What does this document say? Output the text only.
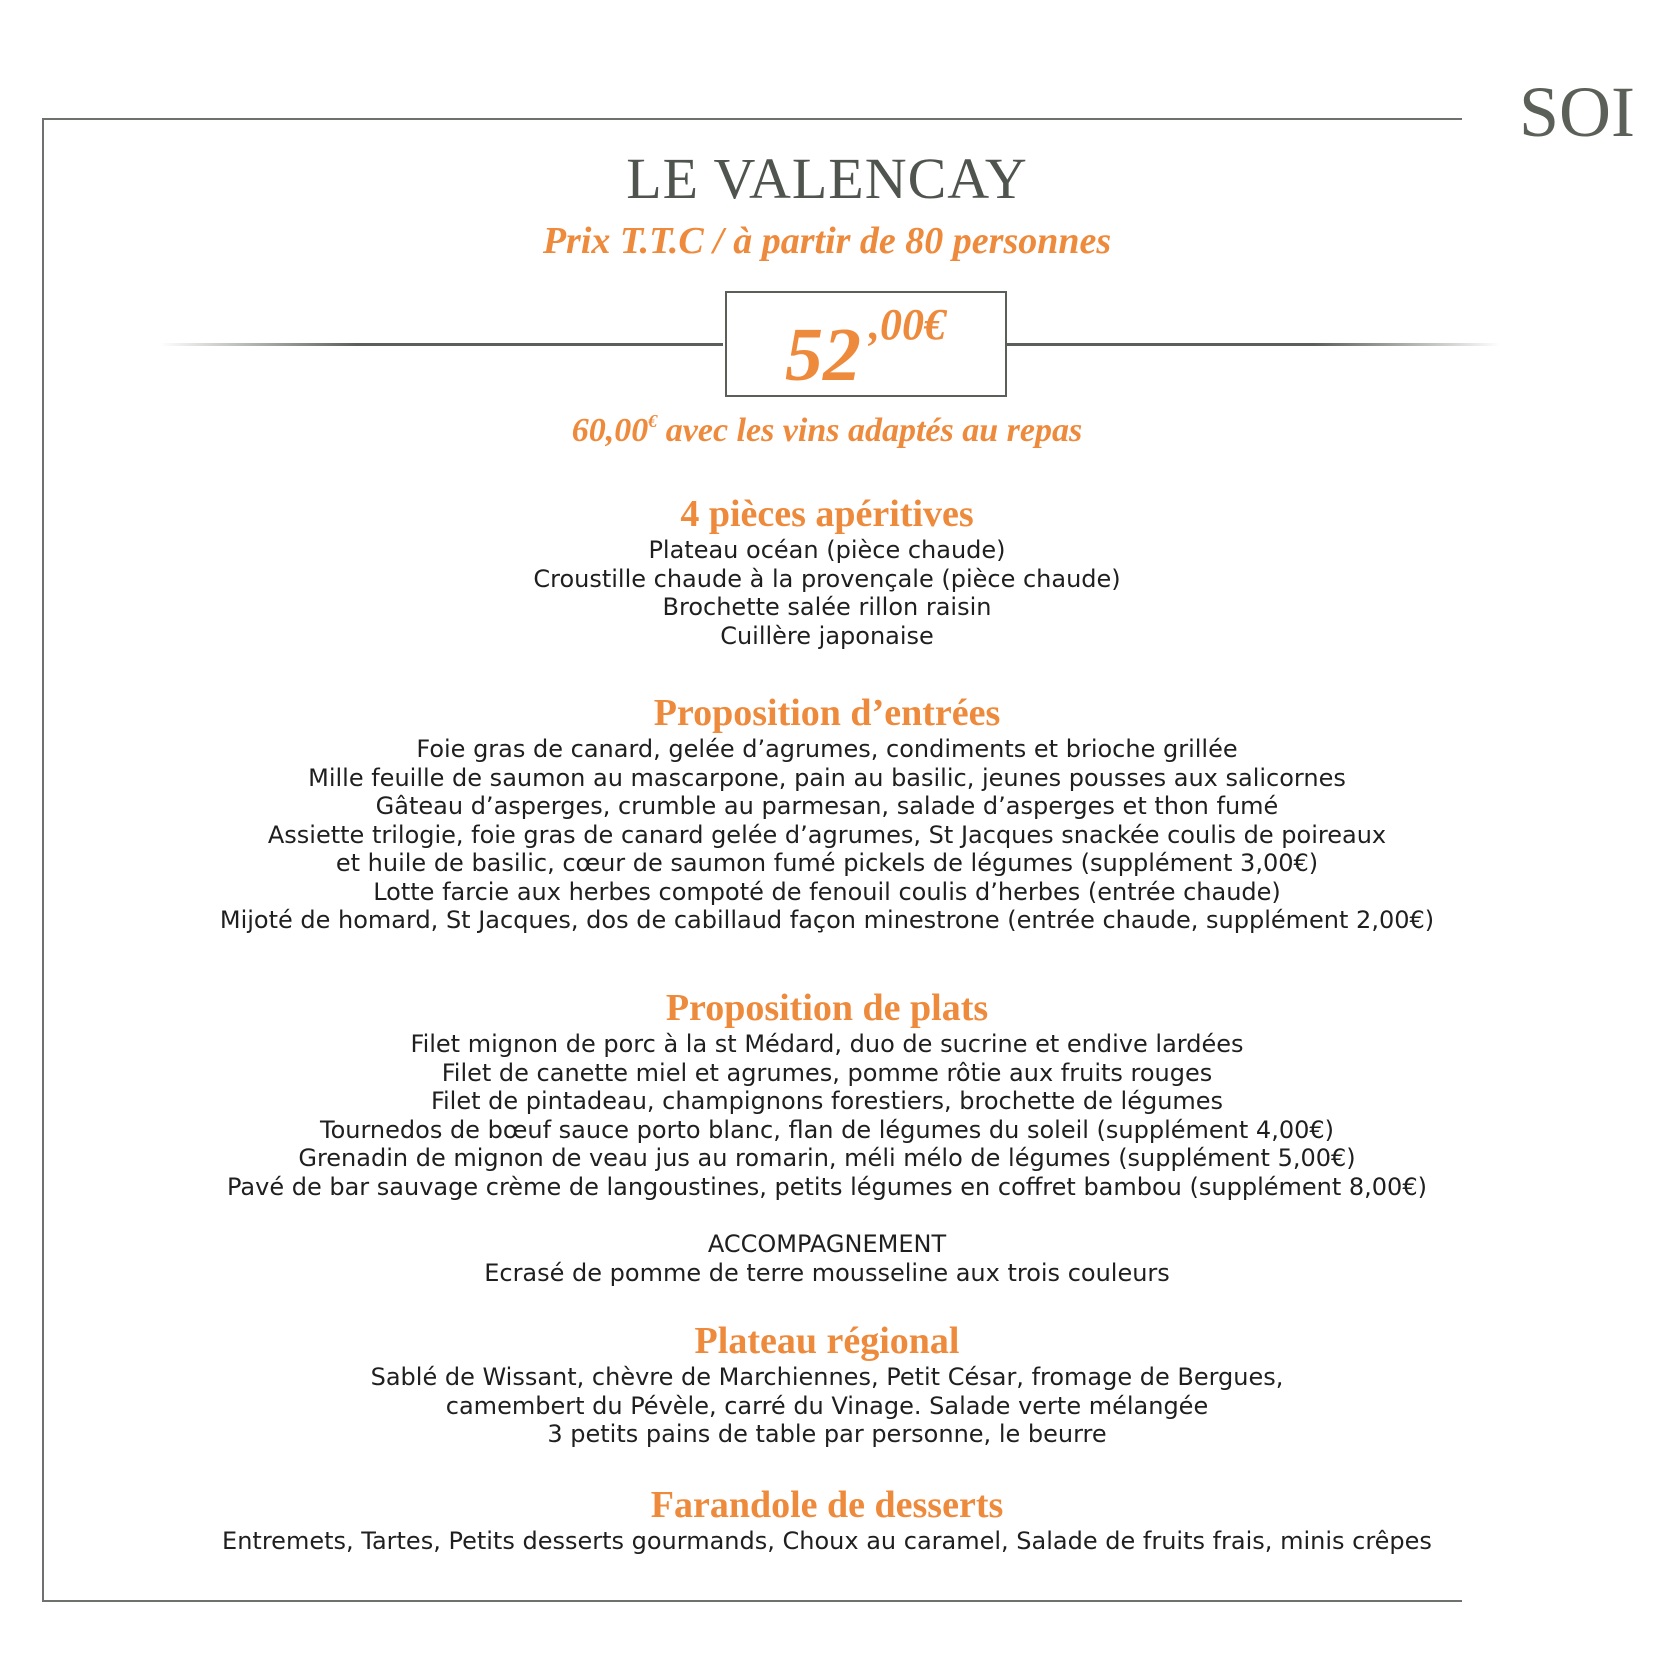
SOI
LE VALENCAY
Prix T.T.C / à partir de 80 personnes
52 ,00€
60,00€ avec les vins adaptés au repas
4 pièces apéritives
Plateau océan (pièce chaude)
Croustille chaude à la provençale (pièce chaude)
Brochette salée rillon raisin
Cuillère japonaise
Proposition d’entrées
Foie gras de canard, gelée d’agrumes, condiments et brioche grillée
Mille feuille de saumon au mascarpone, pain au basilic, jeunes pousses aux salicornes
Gâteau d’asperges, crumble au parmesan, salade d’asperges et thon fumé
Assiette trilogie, foie gras de canard gelée d’agrumes, St Jacques snackée coulis de poireaux
et huile de basilic, cœur de saumon fumé pickels de légumes (supplément 3,00€)
Lotte farcie aux herbes compoté de fenouil coulis d’herbes (entrée chaude)
Mijoté de homard, St Jacques, dos de cabillaud façon minestrone (entrée chaude, supplément 2,00€)
Proposition de plats
Filet mignon de porc à la st Médard, duo de sucrine et endive lardées
Filet de canette miel et agrumes, pomme rôtie aux fruits rouges
Filet de pintadeau, champignons forestiers, brochette de légumes
Tournedos de bœuf sauce porto blanc, flan de légumes du soleil (supplément 4,00€)
Grenadin de mignon de veau jus au romarin, méli mélo de légumes (supplément 5,00€)
Pavé de bar sauvage crème de langoustines, petits légumes en coffret bambou (supplément 8,00€)
ACCOMPAGNEMENT
Ecrasé de pomme de terre mousseline aux trois couleurs
Plateau régional
Sablé de Wissant, chèvre de Marchiennes, Petit César, fromage de Bergues,
camembert du Pévèle, carré du Vinage. Salade verte mélangée
3 petits pains de table par personne, le beurre
Farandole de desserts
Entremets, Tartes, Petits desserts gourmands, Choux au caramel, Salade de fruits frais, minis crêpes
